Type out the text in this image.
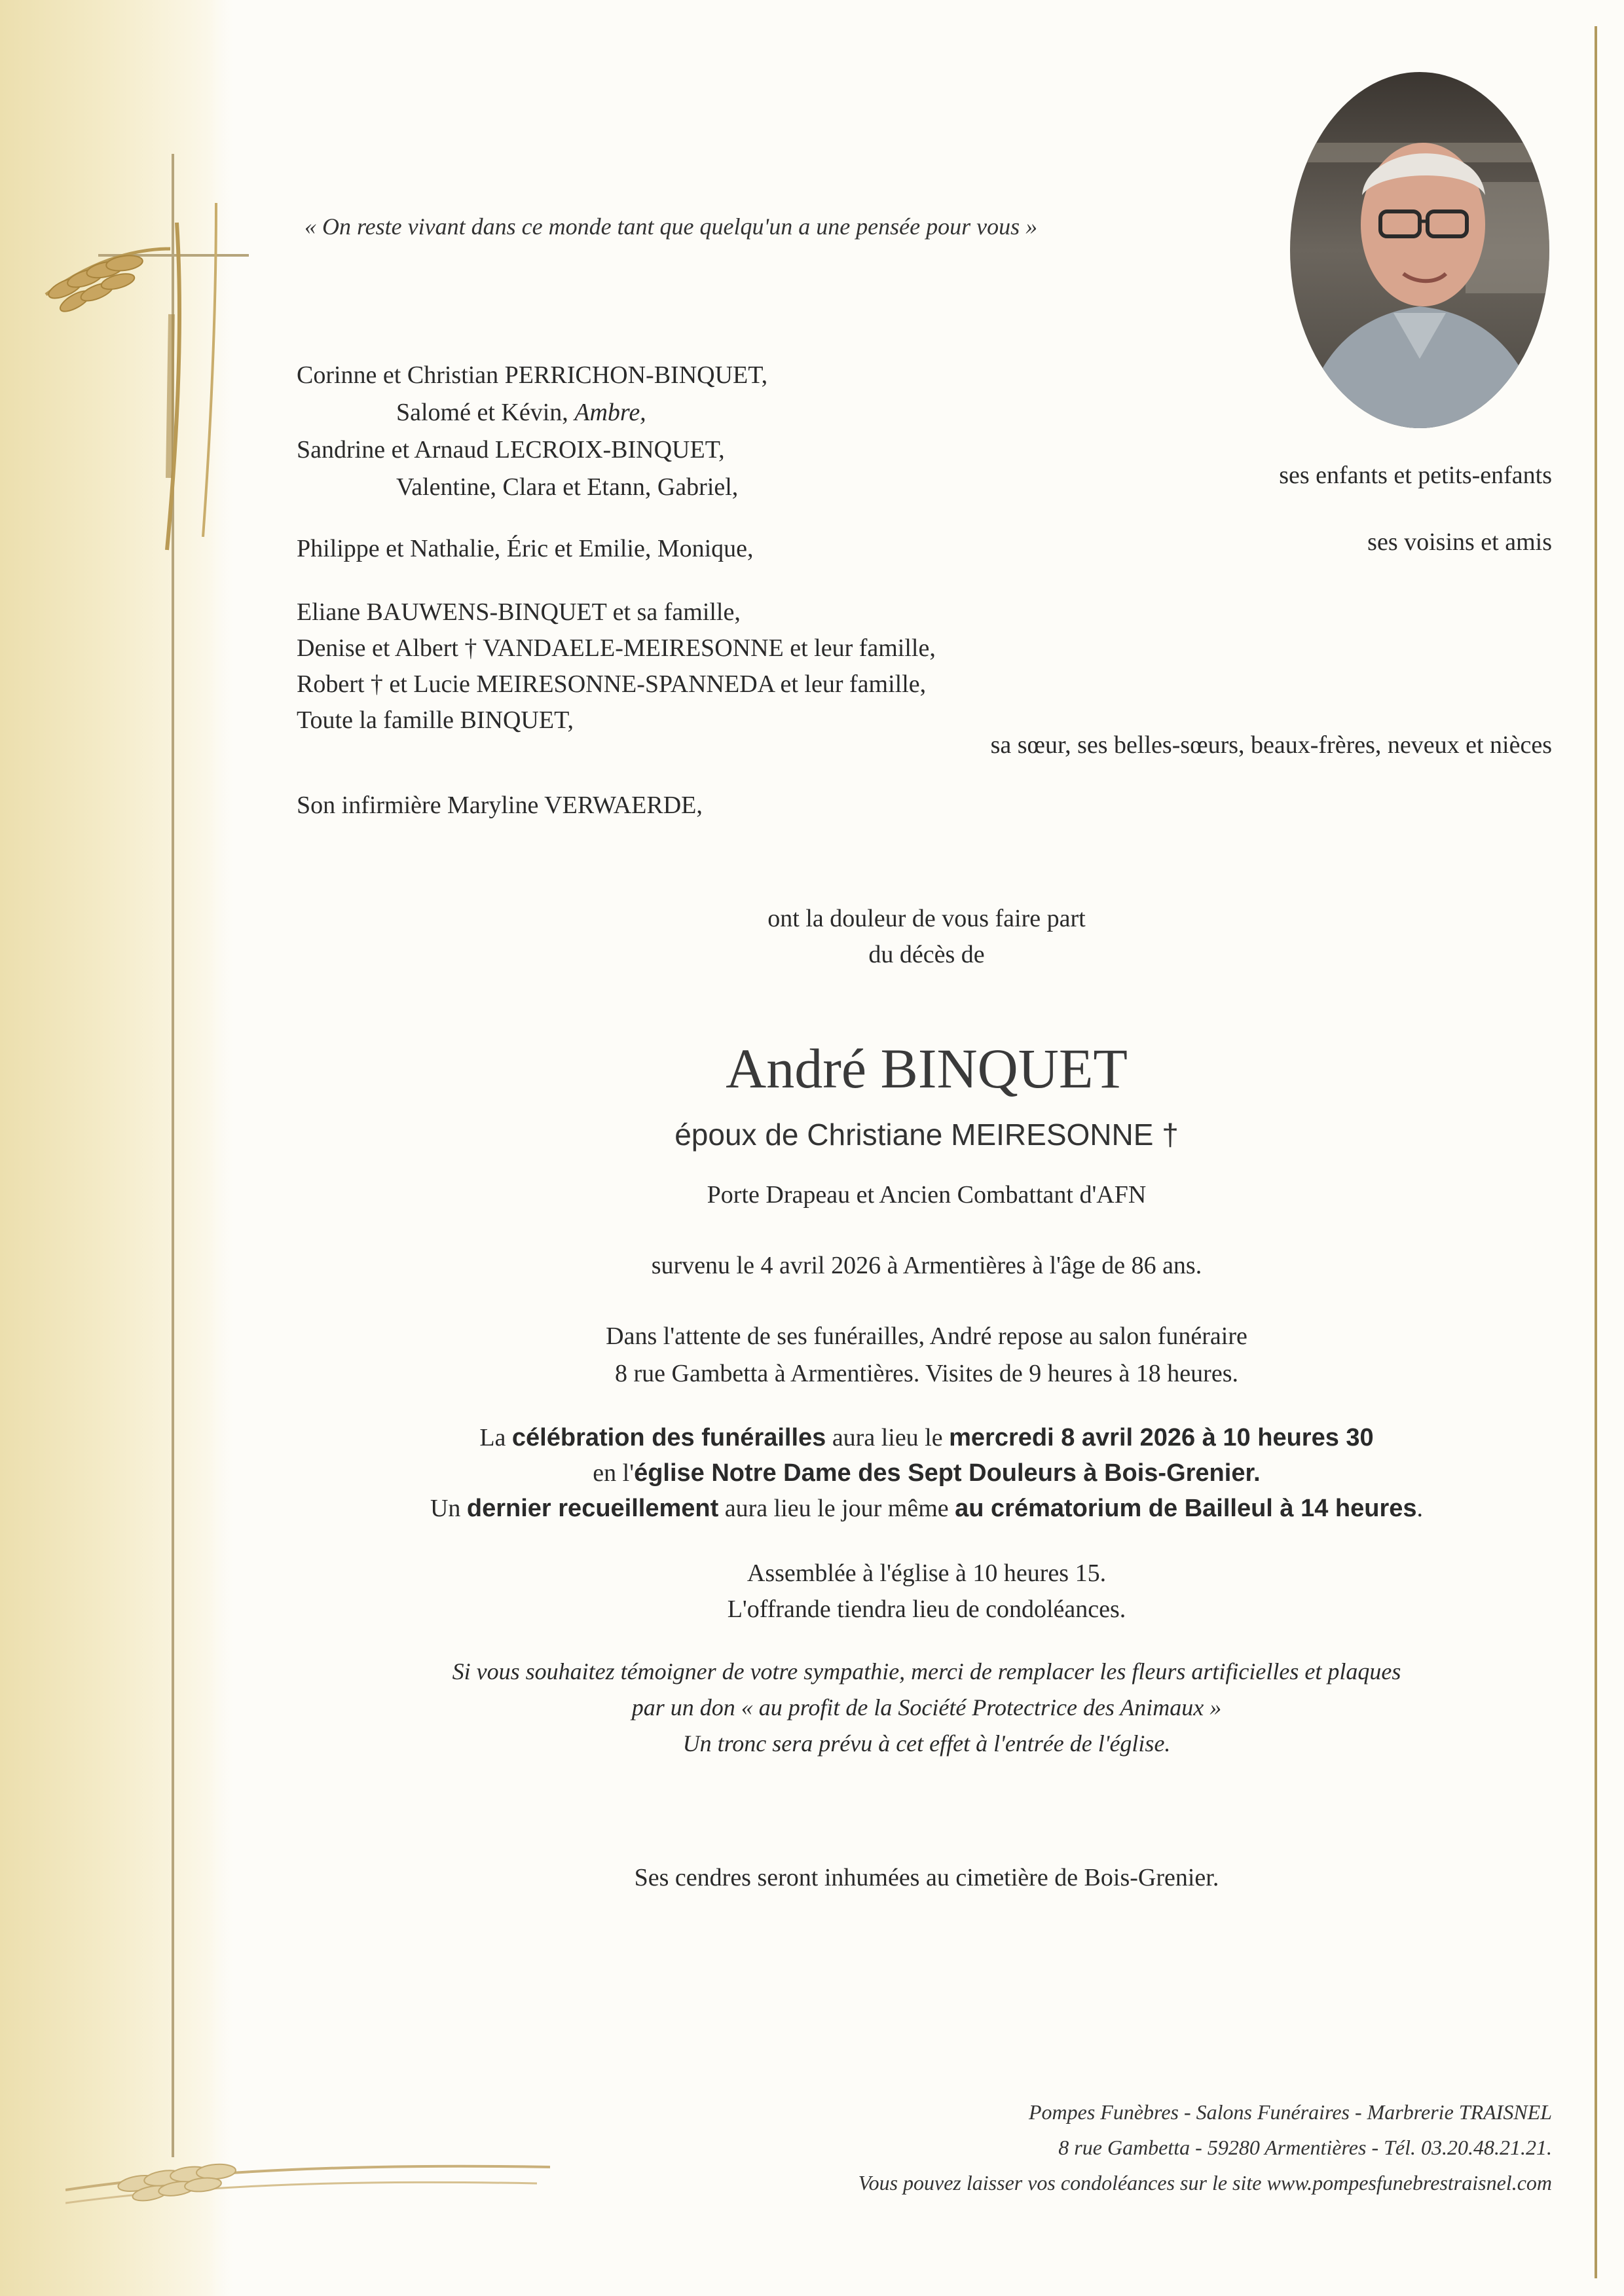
« On reste vivant dans ce monde tant que quelqu'un a une pensée pour vous »
Corinne et Christian PERRICHON-BINQUET,
Salomé et Kévin, Ambre,
Sandrine et Arnaud LECROIX-BINQUET,
Valentine, Clara et Etann, Gabriel,	ses enfants et petits-enfants
Philippe et Nathalie, Éric et Emilie, Monique,	ses voisins et amis
Eliane BAUWENS-BINQUET et sa famille,
Denise et Albert † VANDAELE-MEIRESONNE et leur famille,
Robert † et Lucie MEIRESONNE-SPANNEDA et leur famille,
Toute la famille BINQUET,
sa sœur, ses belles-sœurs, beaux-frères, neveux et nièces
Son infirmière Maryline VERWAERDE,
ont la douleur de vous faire part
du décès de
André BINQUET
époux de Christiane MEIRESONNE †
Porte Drapeau et Ancien Combattant d'AFN
survenu le 4 avril 2026 à Armentières à l'âge de 86 ans.
Dans l'attente de ses funérailles, André repose au salon funéraire
8 rue Gambetta à Armentières. Visites de 9 heures à 18 heures.
La célébration des funérailles aura lieu le mercredi 8 avril 2026 à 10 heures 30
en l'église Notre Dame des Sept Douleurs à Bois-Grenier.
Un dernier recueillement aura lieu le jour même au crématorium de Bailleul à 14 heures.
Assemblée à l'église à 10 heures 15.
L'offrande tiendra lieu de condoléances.
Si vous souhaitez témoigner de votre sympathie, merci de remplacer les fleurs artificielles et plaques
par un don « au profit de la Société Protectrice des Animaux »
Un tronc sera prévu à cet effet à l'entrée de l'église.
Ses cendres seront inhumées au cimetière de Bois-Grenier.
Pompes Funèbres - Salons Funéraires - Marbrerie TRAISNEL
8 rue Gambetta - 59280 Armentières - Tél. 03.20.48.21.21.
Vous pouvez laisser vos condoléances sur le site www.pompesfunebrestraisnel.com
